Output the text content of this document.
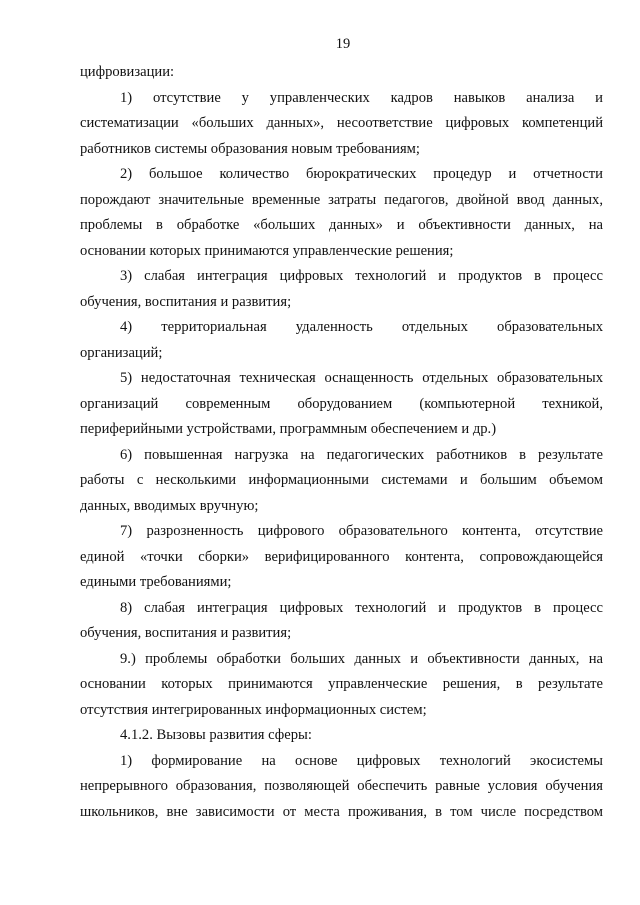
19
цифровизации:
1)   отсутствие   у   управленческих   кадров   навыков   анализа   и
систематизации «больших данных», несоответствие цифровых компетенций
работников системы образования новым требованиям;
2)  большое  количество  бюрократических  процедур  и  отчетности
порождают значительные временные затраты педагогов, двойной ввод данных,
проблемы  в  обработке  «больших  данных»  и  объективности  данных,  на
основании которых принимаются управленческие решения;
3)  слабая  интеграция  цифровых  технологий  и  продуктов  в  процесс
обучения, воспитания и развития;
4)      территориальная      удаленность      отдельных      образовательных
организаций;
5) недостаточная техническая оснащенность отдельных образовательных
организаций    современным    оборудованием    (компьютерной    техникой,
периферийными устройствами, программным обеспечением и др.)
6)  повышенная  нагрузка  на  педагогических  работников  в  результате
работы  с  несколькими  информационными  системами  и  большим  объемом
данных, вводимых вручную;
7)  разрозненность  цифрового  образовательного  контента,  отсутствие
единой  «точки  сборки»  верифицированного  контента,  сопровождающейся
едиными требованиями;
8)  слабая  интеграция  цифровых  технологий  и  продуктов  в  процесс
обучения, воспитания и развития;
9.)  проблемы  обработки  больших  данных  и  объективности  данных,  на
основании  которых  принимаются  управленческие  решения,  в  результате
отсутствия интегрированных информационных систем;
4.1.2. Вызовы развития сферы:
1)    формирование    на    основе    цифровых    технологий    экосистемы
непрерывного образования, позволяющей обеспечить равные условия обучения
школьников, вне зависимости от места проживания, в том числе посредством
